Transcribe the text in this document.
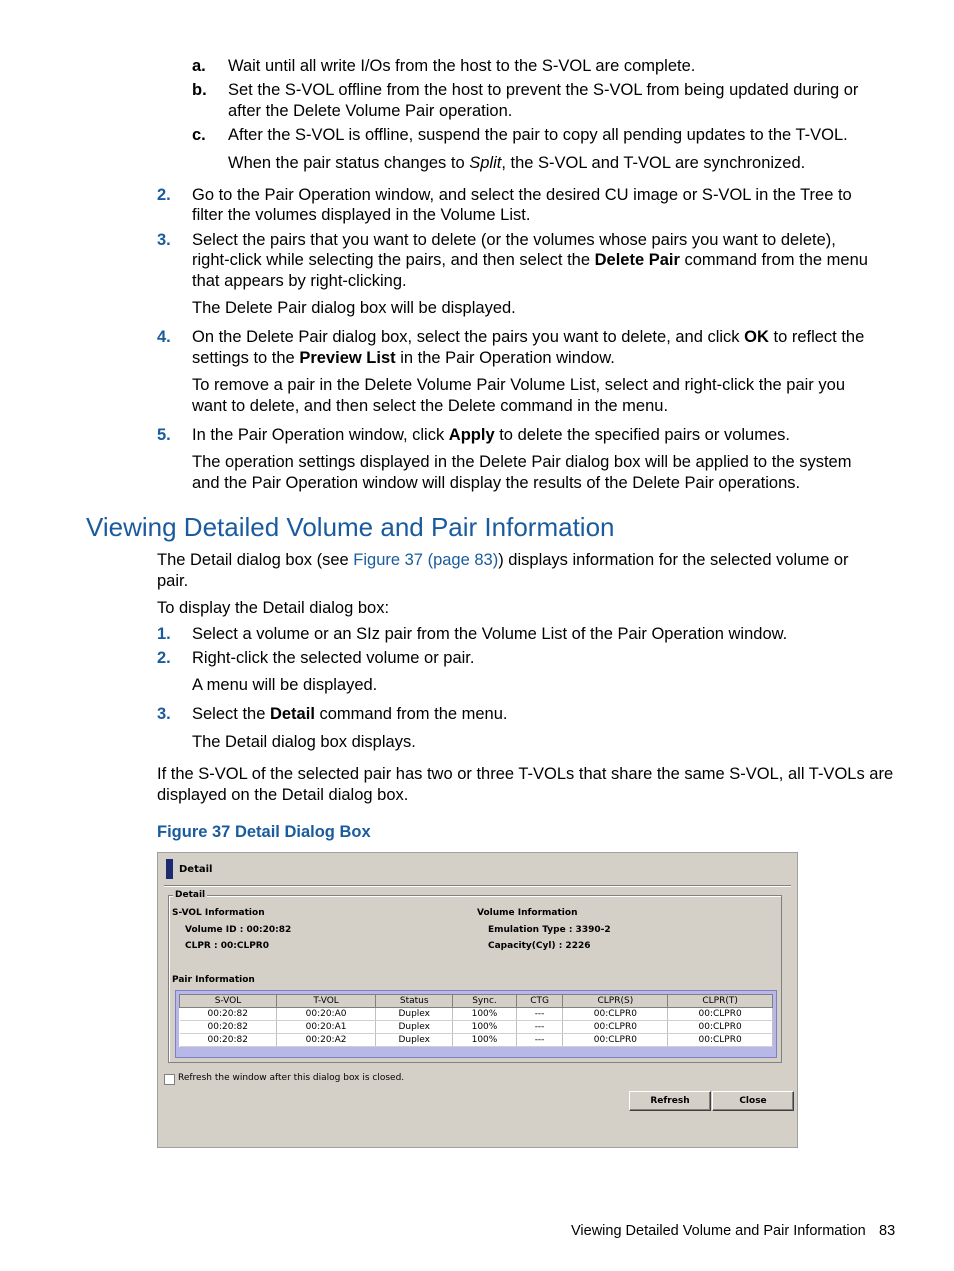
a. Wait until all write I/Os from the host to the S-VOL are complete.
b. Set the S-VOL offline from the host to prevent the S-VOL from being updated during or
after the Delete Volume Pair operation.
c. After the S-VOL is offline, suspend the pair to copy all pending updates to the T-VOL.
When the pair status changes to Split, the S-VOL and T-VOL are synchronized.
2. Go to the Pair Operation window, and select the desired CU image or S-VOL in the Tree to
filter the volumes displayed in the Volume List.
3. Select the pairs that you want to delete (or the volumes whose pairs you want to delete),
right-click while selecting the pairs, and then select the Delete Pair command from the menu
that appears by right-clicking.
The Delete Pair dialog box will be displayed.
4. On the Delete Pair dialog box, select the pairs you want to delete, and click OK to reflect the
settings to the Preview List in the Pair Operation window.
To remove a pair in the Delete Volume Pair Volume List, select and right-click the pair you
want to delete, and then select the Delete command in the menu.
5. In the Pair Operation window, click Apply to delete the specified pairs or volumes.
The operation settings displayed in the Delete Pair dialog box will be applied to the system
and the Pair Operation window will display the results of the Delete Pair operations.
Viewing Detailed Volume and Pair Information
The Detail dialog box (see Figure 37 (page 83)) displays information for the selected volume or
pair.
To display the Detail dialog box:
1. Select a volume or an SIz pair from the Volume List of the Pair Operation window.
2. Right-click the selected volume or pair.
A menu will be displayed.
3. Select the Detail command from the menu.
The Detail dialog box displays.
If the S-VOL of the selected pair has two or three T-VOLs that share the same S-VOL, all T-VOLs are
displayed on the Detail dialog box.
Figure 37 Detail Dialog Box
Detail
Detail
S-VOL Information
Volume ID : 00:20:82
CLPR : 00:CLPR0
Volume Information
Emulation Type : 3390-2
Capacity(Cyl) : 2226
Pair Information
S-VOL	T-VOL	Status	Sync.	CTG	CLPR(S)	CLPR(T)
00:20:82	00:20:A0	Duplex	100%	---	00:CLPR0	00:CLPR0
00:20:82	00:20:A1	Duplex	100%	---	00:CLPR0	00:CLPR0
00:20:82	00:20:A2	Duplex	100%	---	00:CLPR0	00:CLPR0
Refresh the window after this dialog box is closed.
Refresh	Close
Viewing Detailed Volume and Pair Information 83
